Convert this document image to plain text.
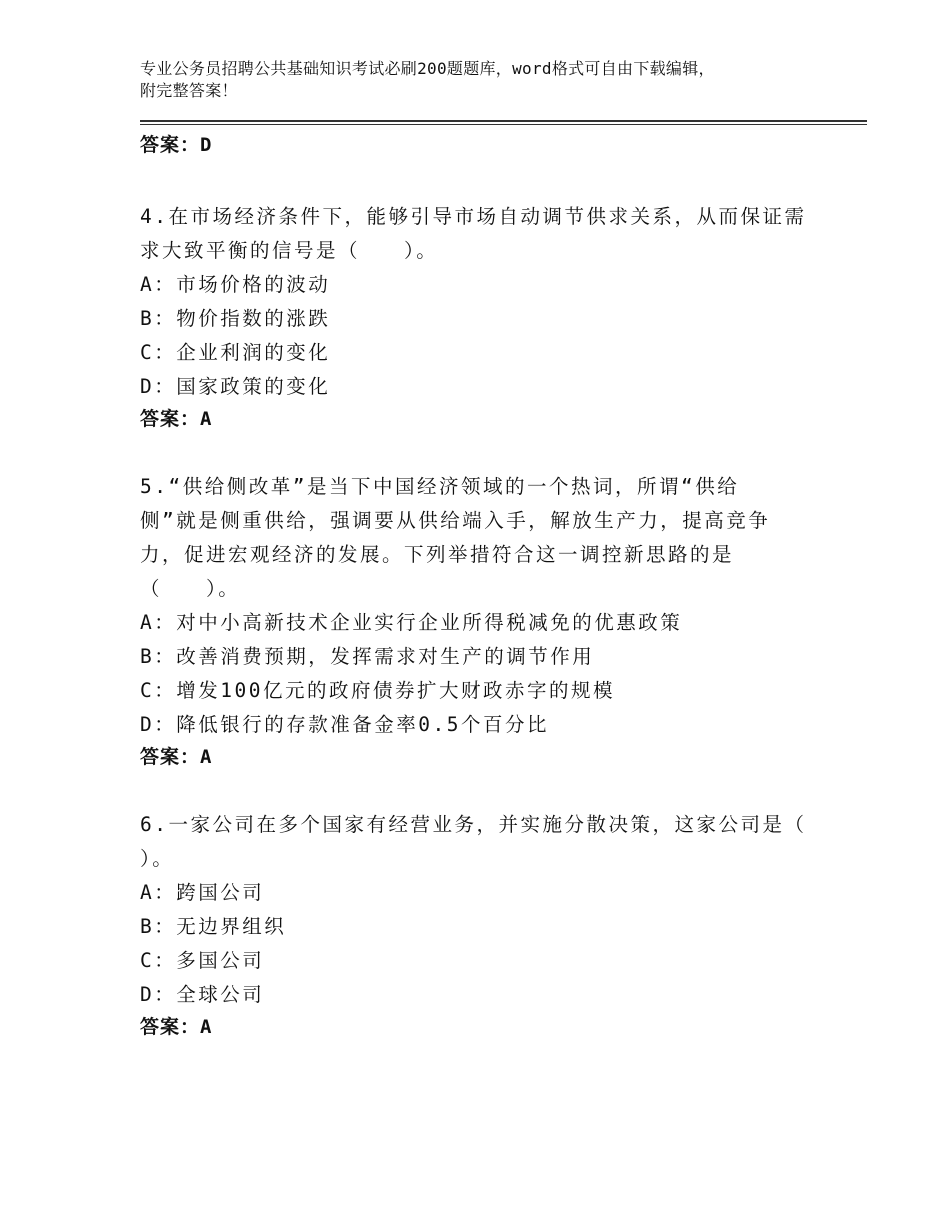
专业公务员招聘公共基础知识考试必刷200题题库，word格式可自由下载编辑，
附完整答案！
答案：D
4.在市场经济条件下，能够引导市场自动调节供求关系，从而保证需
求大致平衡的信号是（　　）。
A：市场价格的波动
B：物价指数的涨跌
C：企业利润的变化
D：国家政策的变化
答案：A
5.“供给侧改革”是当下中国经济领域的一个热词，所谓“供给
侧”就是侧重供给，强调要从供给端入手，解放生产力，提高竞争
力，促进宏观经济的发展。下列举措符合这一调控新思路的是
（　　）。
A：对中小高新技术企业实行企业所得税减免的优惠政策
B：改善消费预期，发挥需求对生产的调节作用
C：增发100亿元的政府债券扩大财政赤字的规模
D：降低银行的存款准备金率0.5个百分比
答案：A
6.一家公司在多个国家有经营业务，并实施分散决策，这家公司是（
）。
A：跨国公司
B：无边界组织
C：多国公司
D：全球公司
答案：A
